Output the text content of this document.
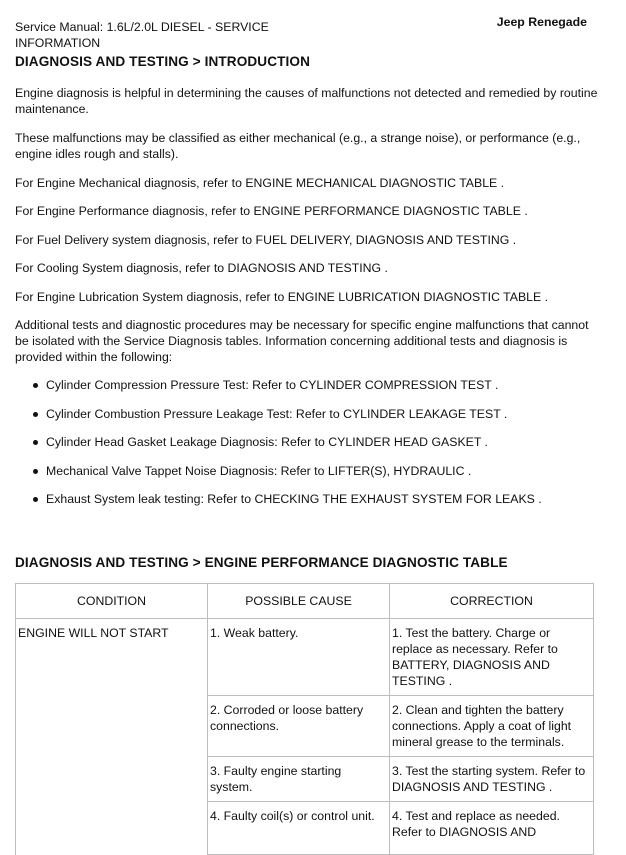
Service Manual: 1.6L/2.0L DIESEL - SERVICE INFORMATION
Jeep Renegade
DIAGNOSIS AND TESTING > INTRODUCTION
Engine diagnosis is helpful in determining the causes of malfunctions not detected and remedied by routine maintenance.
These malfunctions may be classified as either mechanical (e.g., a strange noise), or performance (e.g., engine idles rough and stalls).
For Engine Mechanical diagnosis, refer to ENGINE MECHANICAL DIAGNOSTIC TABLE .
For Engine Performance diagnosis, refer to ENGINE PERFORMANCE DIAGNOSTIC TABLE .
For Fuel Delivery system diagnosis, refer to FUEL DELIVERY, DIAGNOSIS AND TESTING .
For Cooling System diagnosis, refer to DIAGNOSIS AND TESTING .
For Engine Lubrication System diagnosis, refer to ENGINE LUBRICATION DIAGNOSTIC TABLE .
Additional tests and diagnostic procedures may be necessary for specific engine malfunctions that cannot be isolated with the Service Diagnosis tables. Information concerning additional tests and diagnosis is provided within the following:
Cylinder Compression Pressure Test: Refer to CYLINDER COMPRESSION TEST .
Cylinder Combustion Pressure Leakage Test: Refer to CYLINDER LEAKAGE TEST .
Cylinder Head Gasket Leakage Diagnosis: Refer to CYLINDER HEAD GASKET .
Mechanical Valve Tappet Noise Diagnosis: Refer to LIFTER(S), HYDRAULIC .
Exhaust System leak testing: Refer to CHECKING THE EXHAUST SYSTEM FOR LEAKS .
DIAGNOSIS AND TESTING > ENGINE PERFORMANCE DIAGNOSTIC TABLE
CONDITION	POSSIBLE CAUSE	CORRECTION
ENGINE WILL NOT START	1. Weak battery.	1. Test the battery. Charge or replace as necessary. Refer to BATTERY, DIAGNOSIS AND TESTING .
	2. Corroded or loose battery connections.	2. Clean and tighten the battery connections. Apply a coat of light mineral grease to the terminals.
	3. Faulty engine starting system.	3. Test the starting system. Refer to DIAGNOSIS AND TESTING .
	4. Faulty coil(s) or control unit.	4. Test and replace as needed. Refer to DIAGNOSIS AND
